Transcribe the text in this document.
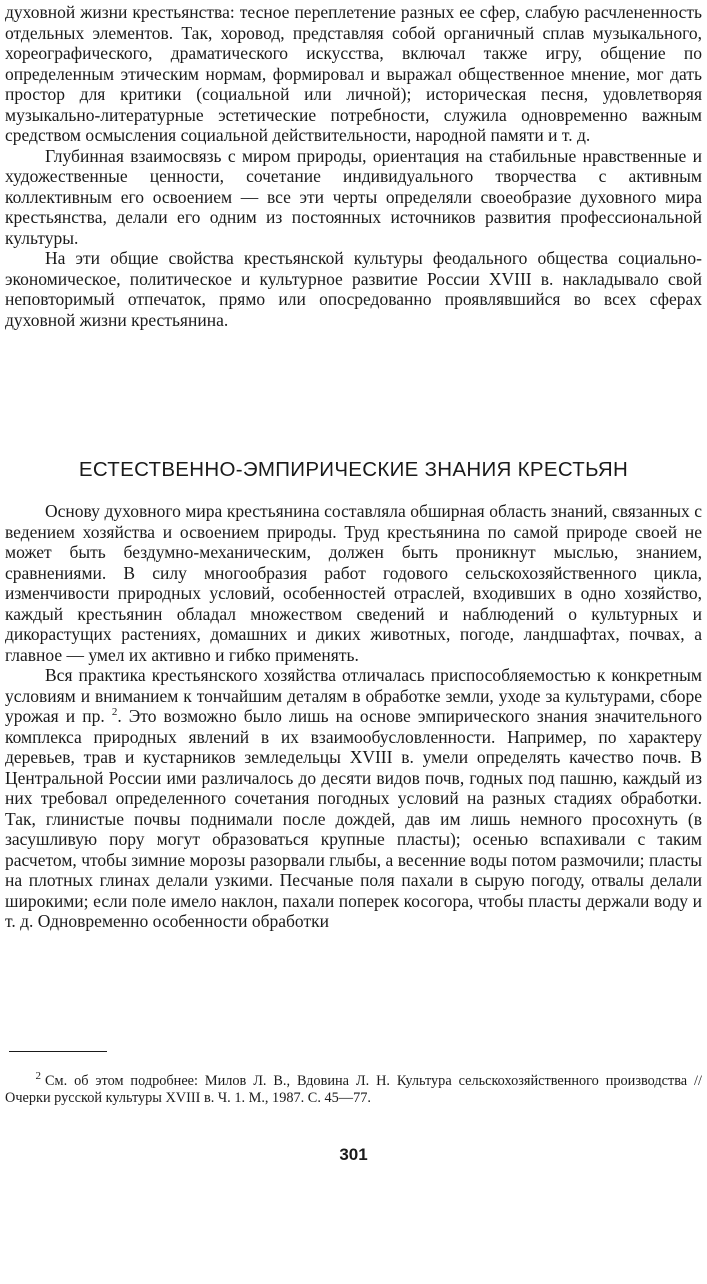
духовной жизни крестьянства: тесное переплетение разных ее сфер, слабую расчлененность отдельных элементов. Так, хоровод, представляя собой органичный сплав музыкального, хореографического, драматического искусства, включал также игру, общение по определенным этическим нормам, формировал и выражал общественное мнение, мог дать простор для критики (социальной или личной); историческая песня, удовлетворяя музыкально-литературные эстетические потребности, служила одновременно важным средством осмысления социальной действительности, народной памяти и т. д.

Глубинная взаимосвязь с миром природы, ориентация на стабильные нравственные и художественные ценности, сочетание индивидуального творчества с активным коллективным его освоением — все эти черты определяли своеобразие духовного мира крестьянства, делали его одним из постоянных источников развития профессиональной культуры.

На эти общие свойства крестьянской культуры феодального общества социально-экономическое, политическое и культурное развитие России XVIII в. накладывало свой неповторимый отпечаток, прямо или опосредованно проявлявшийся во всех сферах духовной жизни крестьянина.

ЕСТЕСТВЕННО-ЭМПИРИЧЕСКИЕ ЗНАНИЯ КРЕСТЬЯН

Основу духовного мира крестьянина составляла обширная область знаний, связанных с ведением хозяйства и освоением природы. Труд крестьянина по самой природе своей не может быть бездумно-механическим, должен быть проникнут мыслью, знанием, сравнениями. В силу многообразия работ годового сельскохозяйственного цикла, изменчивости природных условий, особенностей отраслей, входивших в одно хозяйство, каждый крестьянин обладал множеством сведений и наблюдений о культурных и дикорастущих растениях, домашних и диких животных, погоде, ландшафтах, почвах, а главное — умел их активно и гибко применять.

Вся практика крестьянского хозяйства отличалась приспособляемостью к конкретным условиям и вниманием к тончайшим деталям в обработке земли, уходе за культурами, сборе урожая и пр. $^2$. Это возможно было лишь на основе эмпирического знания значительного комплекса природных явлений в их взаимообусловленности. Например, по характеру деревьев, трав и кустарников земледельцы XVIII в. умели определять качество почв. В Центральной России ими различалось до десяти видов почв, годных под пашню, каждый из них требовал определенного сочетания погодных условий на разных стадиях обработки. Так, глинистые почвы поднимали после дождей, дав им лишь немного просохнуть (в засушливую пору могут образоваться крупные пласты); осенью вспахивали с таким расчетом, чтобы зимние морозы разорвали глыбы, а весенние воды потом размочили; пласты на плотных глинах делали узкими. Песчаные поля пахали в сырую погоду, отвалы делали широкими; если поле имело наклон, пахали поперек косогора, чтобы пласты держали воду и т. д. Одновременно особенности обработки

$^2$ См. об этом подробнее: Милов Л. В., Вдовина Л. Н. Культура сельскохозяйственного производства // Очерки русской культуры XVIII в. Ч. 1. М., 1987. С. 45—77.

301
